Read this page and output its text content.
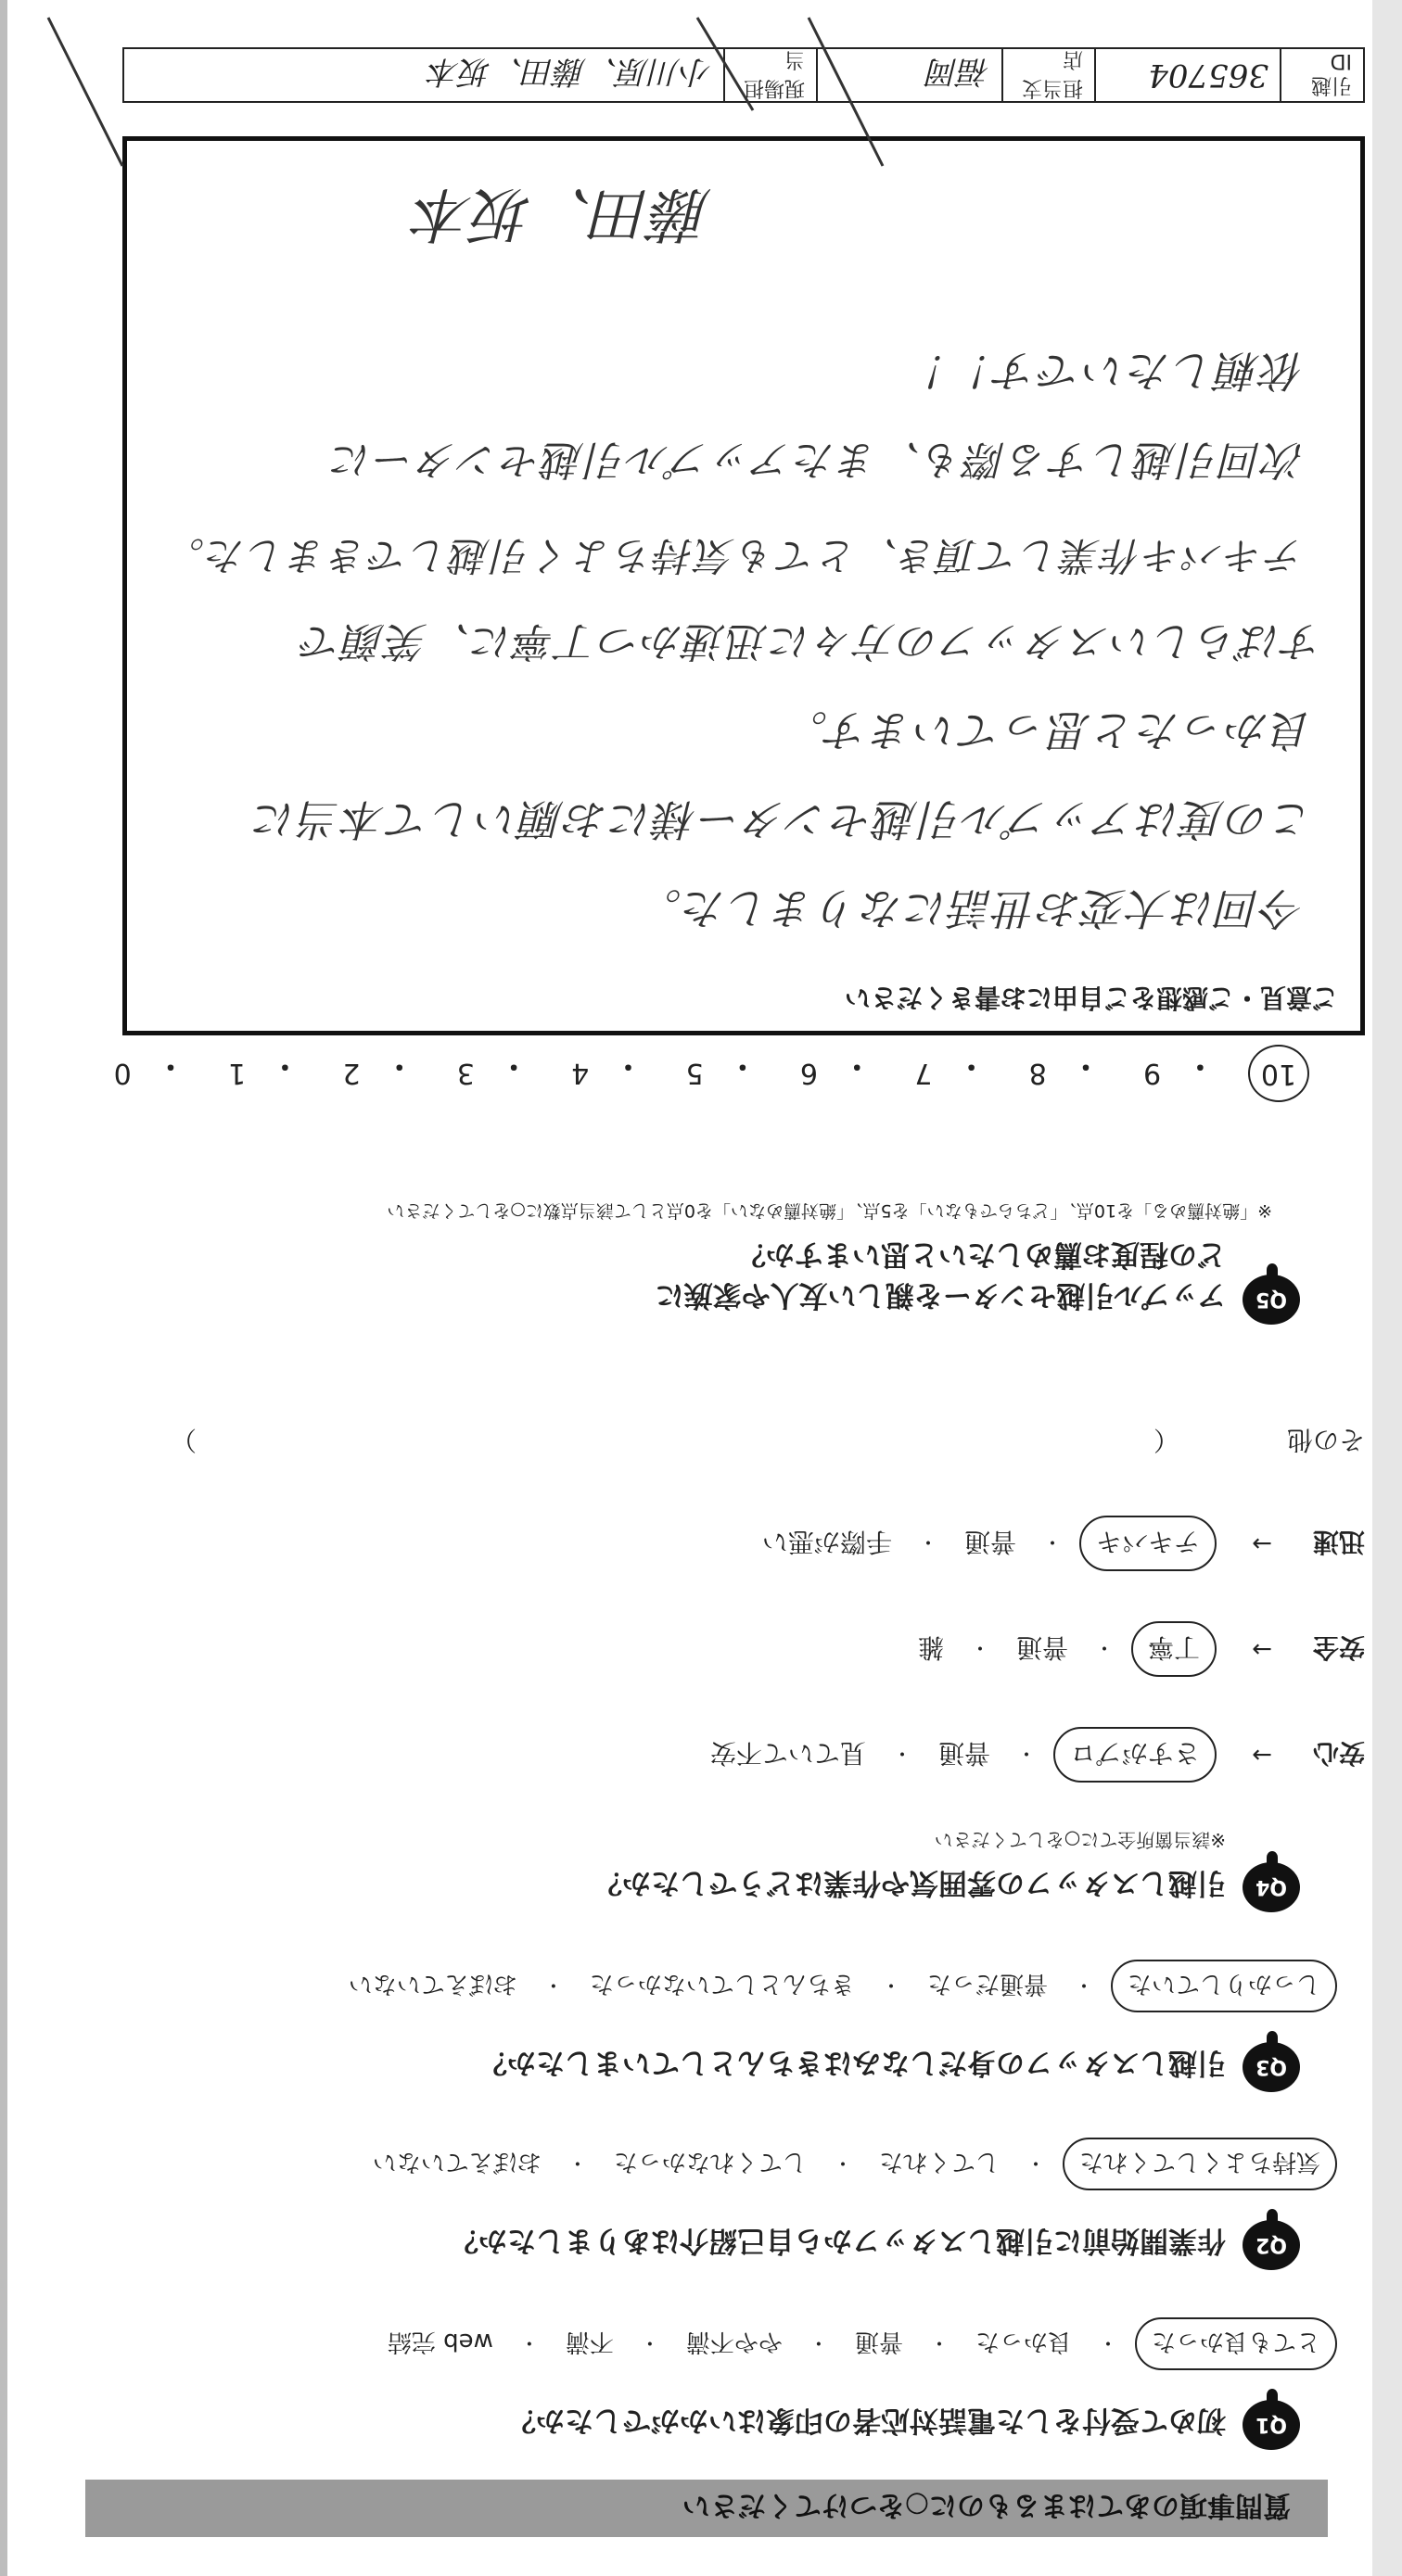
質問事項のあてはまるものに○をつけてください
Q1
初めて受付をした電話対応者の印象はいかがでしたか？
とても良かった
・
良かった
・
普通
・
やや不満
・
不満
・
web 完結
Q2
作業開始前に引越しスタッフから自己紹介はありましたか？
気持ちよくしてくれた
・
してくれた
・
してくれなかった
・
おぼえていない
Q3
引越しスタッフの身だしなみはきちんとしていましたか？
しっかりしていた
・
普通だった
・
きちんとしていなかった
・
おぼえていない
Q4
引越しスタッフの雰囲気や作業はどうでしたか？
※該当箇所全てに○をしてください
安心
→
さすがプロ
・
普通
・
見ていて不安
安全
→
丁寧
・
普通
・
雑
迅速
→
テキパキ
・
普通
・
手際が悪い
その他
（
）
Q5
アップル引越センターを親しい友人や家族に
どの程度お薦めしたいと思いますか？
※「絶対薦める」を10点、「どちらでもない」を5点、「絶対薦めない」を0点として該当点数に○をしてください
10
・
9
・
8
・
7
・
6
・
5
・
4
・
3
・
2
・
1
・
0
ご意見・ご感想をご自由にお書きください
今回は大変お世話になりました。
この度はアップル引越センター様にお願いして本当に
良かったと思っています。
すばらしいスタッフの方々に迅速かつ丁寧に、笑顔で
テキパキ作業して頂き、とても気持ちよく引越しできました。
次回引越しする際も、またアップル引越センターに
依頼したいです！！
藤田、坂本
引越ID
365704
担当支店
福岡
現場担当
小川原、藤田、坂本
